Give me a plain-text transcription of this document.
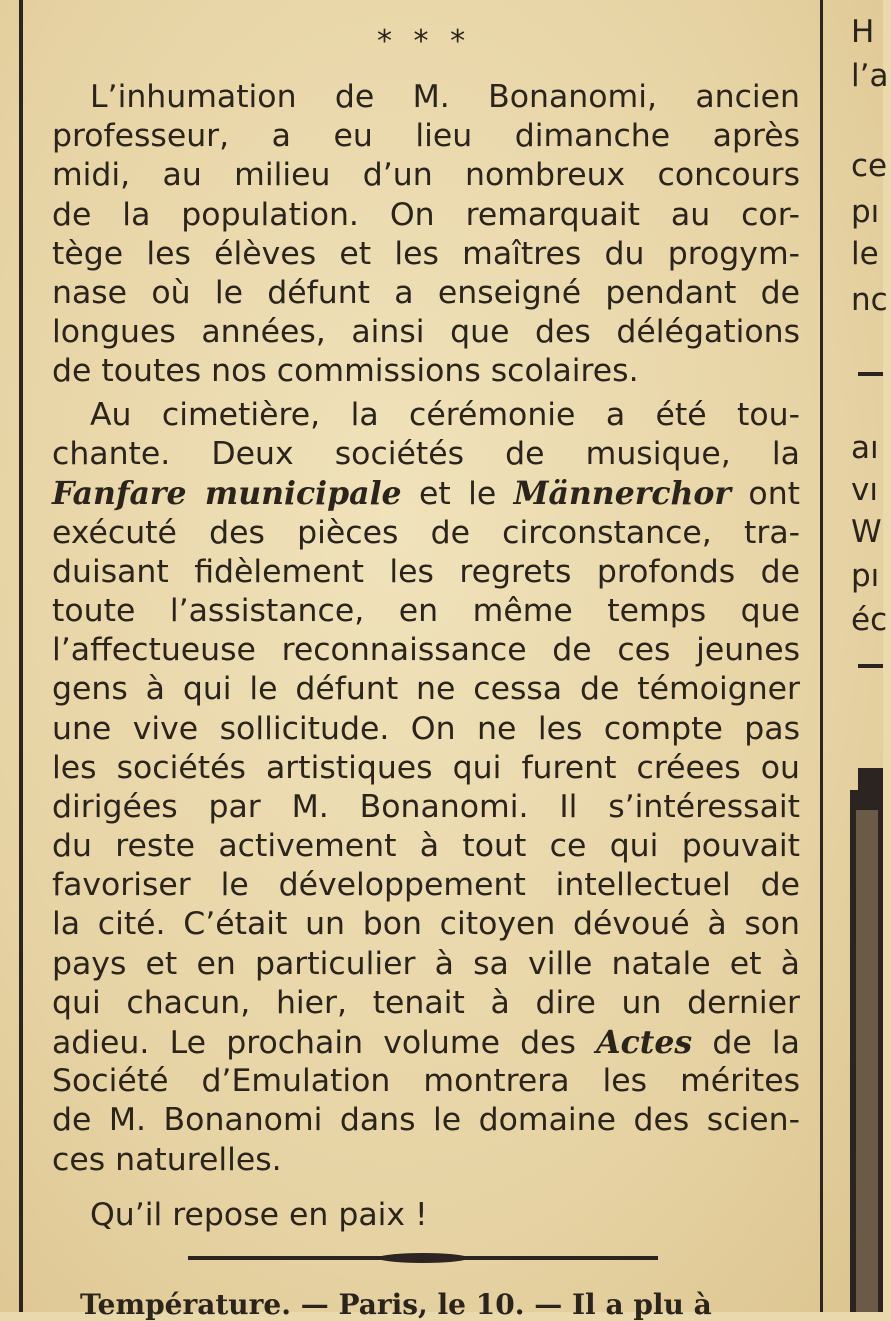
* * *
L’inhumation de M. Bonanomi, ancien
professeur, a eu lieu dimanche après
midi, au milieu d’un nombreux concours
de la population. On remarquait au cor-
tège les élèves et les maîtres du progym-
nase où le défunt a enseigné pendant de
longues années, ainsi que des délégations
de toutes nos commissions scolaires.
Au cimetière, la cérémonie a été tou-
chante. Deux sociétés de musique, la
Fanfare municipale et le Männerchor ont
exécuté des pièces de circonstance, tra-
duisant fidèlement les regrets profonds de
toute l’assistance, en même temps que
l’affectueuse reconnaissance de ces jeunes
gens à qui le défunt ne cessa de témoigner
une vive sollicitude. On ne les compte pas
les sociétés artistiques qui furent créees ou
dirigées par M. Bonanomi. Il s’intéressait
du reste activement à tout ce qui pouvait
favoriser le développement intellectuel de
la cité. C’était un bon citoyen dévoué à son
pays et en particulier à sa ville natale et à
qui chacun, hier, tenait à dire un dernier
adieu. Le prochain volume des Actes de la
Société d’Emulation montrera les mérites
de M. Bonanomi dans le domaine des scien-
ces naturelles.
Qu’il repose en paix !
Température. — Paris, le 10. — Il a plu à
H
l’a
ce
pı
le
nc
aı
vı
W
pı
éc
